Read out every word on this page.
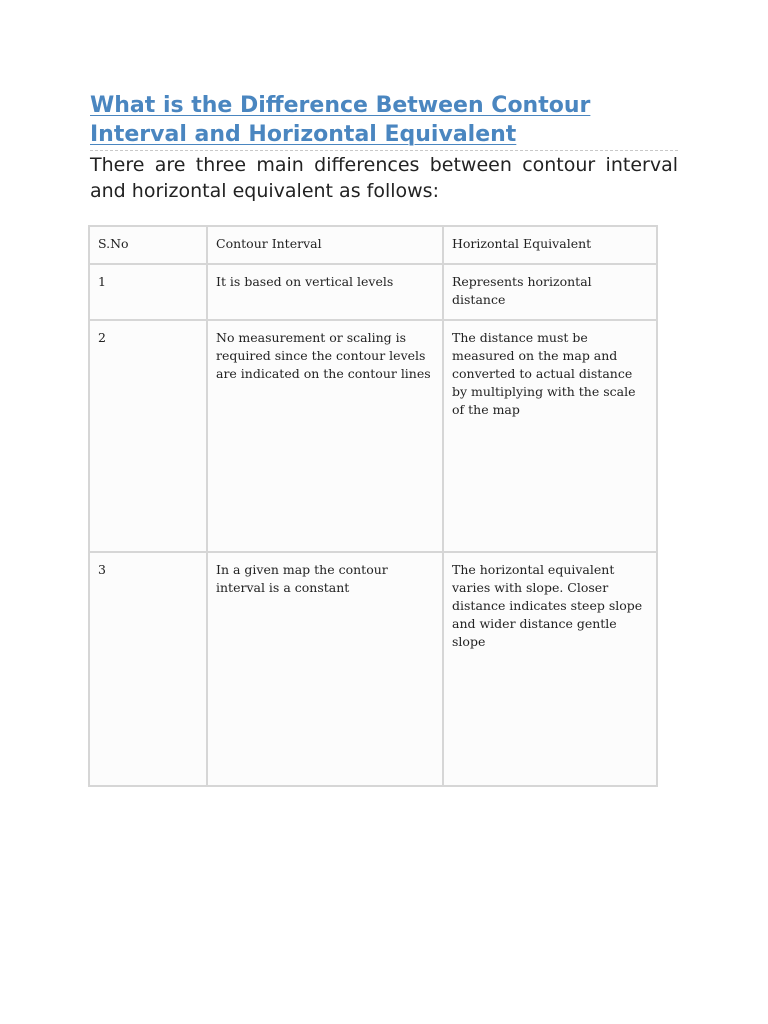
What is the Difference Between Contour Interval and Horizontal Equivalent

There are three main differences between contour interval and horizontal equivalent as follows:

S.No	Contour Interval	Horizontal Equivalent
1	It is based on vertical levels	Represents horizontal distance
2	No measurement or scaling is required since the contour levels are indicated on the contour lines	The distance must be measured on the map and converted to actual distance by multiplying with the scale of the map
3	In a given map the contour interval is a constant	The horizontal equivalent varies with slope. Closer distance indicates steep slope and wider distance gentle slope
